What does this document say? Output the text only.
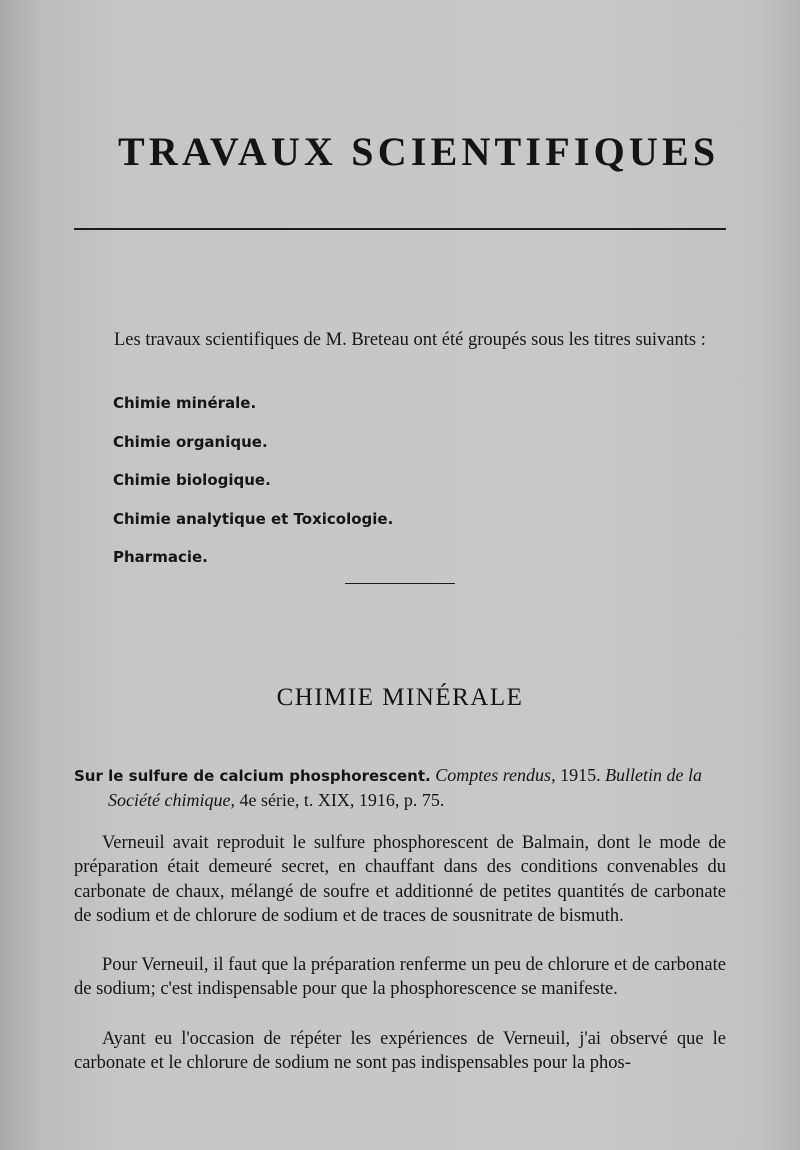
TRAVAUX SCIENTIFIQUES

Les travaux scientifiques de M. Breteau ont été groupés sous les titres suivants :

Chimie minérale.
Chimie organique.
Chimie biologique.
Chimie analytique et Toxicologie.
Pharmacie.
CHIMIE MINÉRALE

Sur le sulfure de calcium phosphorescent. Comptes rendus, 1915. Bulletin de la Société chimique, 4e série, t. XIX, 1916, p. 75.

Verneuil avait reproduit le sulfure phosphorescent de Balmain, dont le mode de préparation était demeuré secret, en chauffant dans des conditions convenables du carbonate de chaux, mélangé de soufre et additionné de petites quantités de carbonate de sodium et de chlorure de sodium et de traces de sousnitrate de bismuth.

Pour Verneuil, il faut que la préparation renferme un peu de chlorure et de carbonate de sodium; c'est indispensable pour que la phosphorescence se manifeste.

Ayant eu l'occasion de répéter les expériences de Verneuil, j'ai observé que le carbonate et le chlorure de sodium ne sont pas indispensables pour la phos-
